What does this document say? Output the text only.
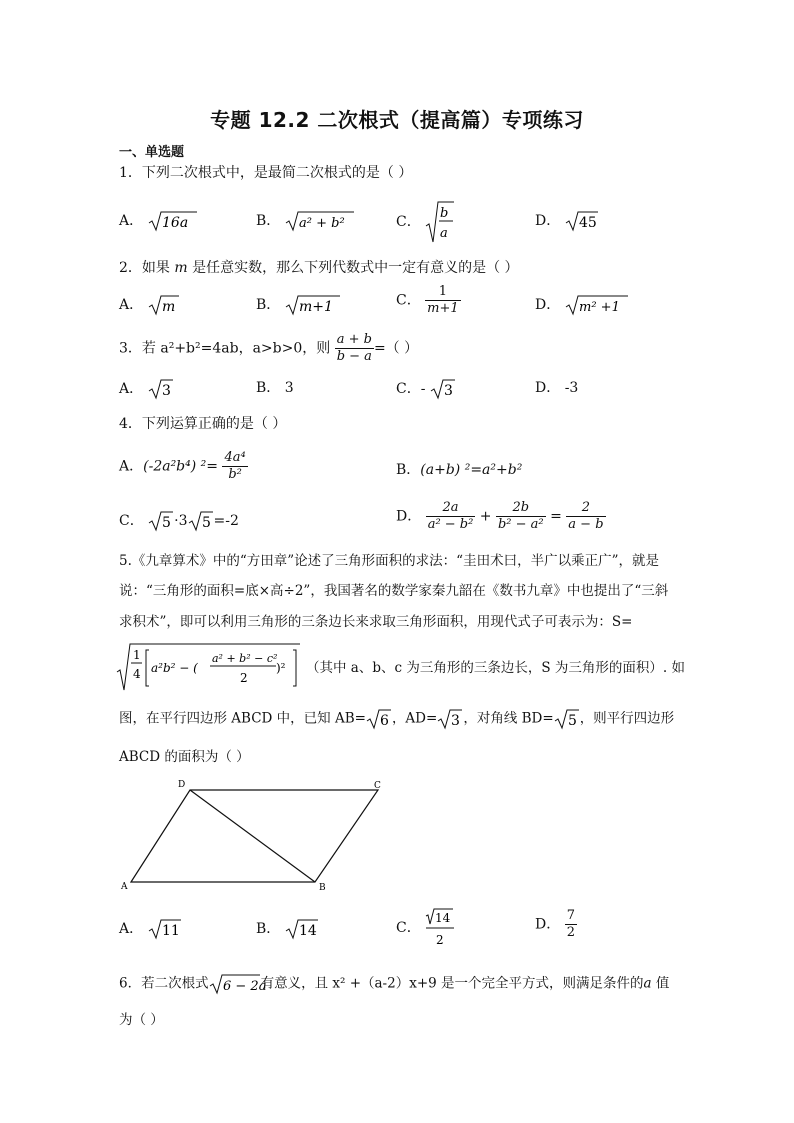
专题 12.2 二次根式（提高篇）专项练习
一、单选题
1．下列二次根式中，是最简二次根式的是（ ）
A． 16a	B． a² + b²	C．
b
a
D． 45
2．如果 m 是任意实数，那么下列代数式中一定有意义的是（ ）
A． m	B． m+1	C． $\frac{1}{m+1}$	D． m² +1
3．若 a²+b²=4ab，a>b>0，则 $\frac{a + b}{b - a}$ =（ ）
A． 3	B． 3	C．- 3	D． -3
4．下列运算正确的是（ ）
A．(-2a²b⁴) $^2= \frac{\text{4a⁴}}{\text{b²}}$	B．(a+b) ²=a²+b²
C． 5 ·3 5 =-2	D． $\frac{2a}{\text{a² − b²}} + \frac{2b}{\text{b² − a²}} = \frac{2}{a - b}$
5.《九章算术》中的“方田章”论述了三角形面积的求法：“圭田术曰，半广以乘正广”，就是
说：“三角形的面积=底×高÷2”，我国著名的数学家秦九韶在《数书九章》中也提出了“三斜
求积术”，即可以利用三角形的三条边长来求取三角形面积，用现代式子可表示为：S=
1
4 a²b² − (
a² + b² − c²
2
)² （其中 a、b、c 为三角形的三条边长，S 为三角形的面积）. 如
图，在平行四边形 ABCD 中，已知 AB= 6 ，AD= 3 ，对角线 BD= 5 ，则平行四边形
ABCD 的面积为（ ）
D	C
A	B
A． 11	B． 14	C．
14
2
D． $\frac{7}{2}$
6．若二次根式 6 − 2a
有意义，且 x² +（a-2）x+9 是一个完全平方式，则满足条件的a 值
为（ ）
